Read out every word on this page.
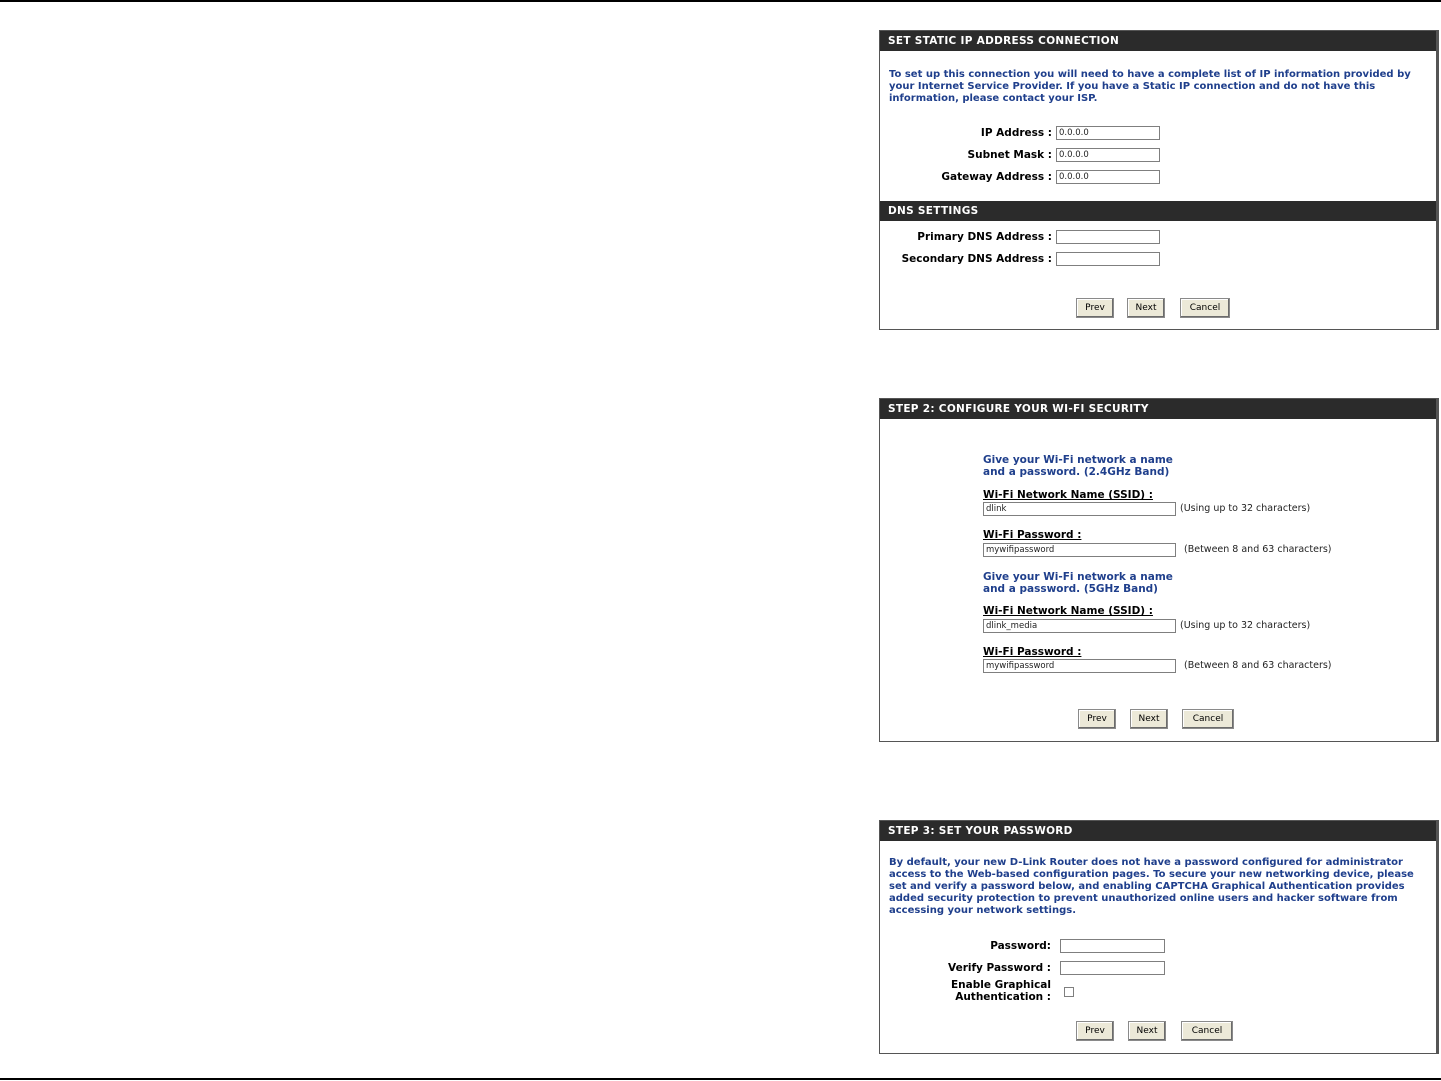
SET STATIC IP ADDRESS CONNECTION

To set up this connection you will need to have a complete list of IP information provided by your Internet Service Provider. If you have a Static IP connection and do not have this information, please contact your ISP.

IP Address :
0.0.0.0
Subnet Mask :
0.0.0.0
Gateway Address :
0.0.0.0
DNS SETTINGS
Primary DNS Address :
Secondary DNS Address :
Prev	Next	Cancel
STEP 2: CONFIGURE YOUR WI-FI SECURITY
Give your Wi-Fi network a name and a password. (2.4GHz Band)
Wi-Fi Network Name (SSID) :
dlink
(Using up to 32 characters)
Wi-Fi Password :
mywifipassword
(Between 8 and 63 characters)
Give your Wi-Fi network a name and a password. (5GHz Band)
Wi-Fi Network Name (SSID) :
dlink_media
(Using up to 32 characters)
Wi-Fi Password :
mywifipassword
(Between 8 and 63 characters)
Prev	Next	Cancel
STEP 3: SET YOUR PASSWORD

By default, your new D-Link Router does not have a password configured for administrator access to the Web-based configuration pages. To secure your new networking device, please set and verify a password below, and enabling CAPTCHA Graphical Authentication provides added security protection to prevent unauthorized online users and hacker software from accessing your network settings.

Password:
Verify Password :
Enable Graphical
Authentication :
Prev	Next	Cancel
